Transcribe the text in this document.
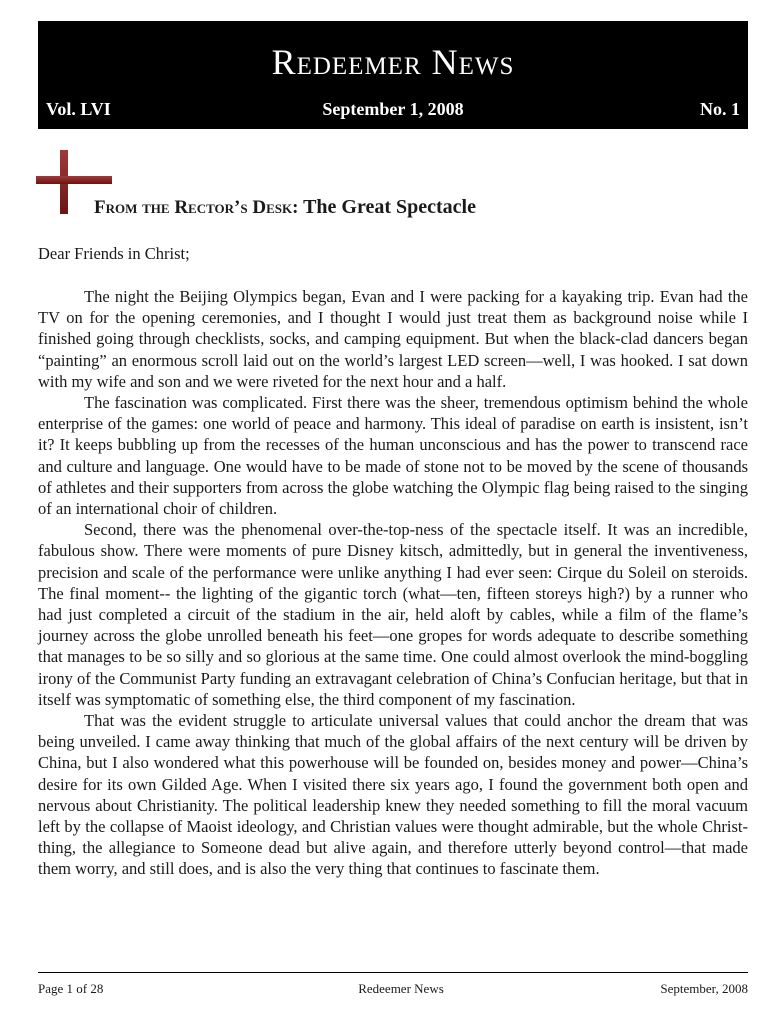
Redeemer News
Vol. LVI	September 1, 2008	No. 1
From the Rector’s Desk: The Great Spectacle
Dear Friends in Christ;

The night the Beijing Olympics began, Evan and I were packing for a kayaking trip. Evan had the TV on for the opening ceremonies, and I thought I would just treat them as background noise while I finished going through checklists, socks, and camping equipment. But when the black-clad dancers began “painting” an enormous scroll laid out on the world’s largest LED screen—well, I was hooked. I sat down with my wife and son and we were riveted for the next hour and a half.

The fascination was complicated. First there was the sheer, tremendous optimism behind the whole enterprise of the games: one world of peace and harmony. This ideal of paradise on earth is insistent, isn’t it? It keeps bubbling up from the recesses of the human unconscious and has the power to transcend race and culture and language. One would have to be made of stone not to be moved by the scene of thousands of athletes and their supporters from across the globe watching the Olympic flag being raised to the singing of an international choir of children.

Second, there was the phenomenal over-the-top-ness of the spectacle itself. It was an incredible, fabulous show. There were moments of pure Disney kitsch, admittedly, but in general the inventiveness, precision and scale of the performance were unlike anything I had ever seen: Cirque du Soleil on steroids. The final moment-- the lighting of the gigantic torch (what—ten, fifteen storeys high?) by a runner who had just completed a circuit of the stadium in the air, held aloft by cables, while a film of the flame’s journey across the globe unrolled beneath his feet—one gropes for words adequate to describe something that manages to be so silly and so glorious at the same time. One could almost overlook the mind-boggling irony of the Communist Party funding an extravagant celebration of China’s Confucian heritage, but that in itself was symptomatic of something else, the third component of my fascination.

That was the evident struggle to articulate universal values that could anchor the dream that was being unveiled. I came away thinking that much of the global affairs of the next century will be driven by China, but I also wondered what this powerhouse will be founded on, besides money and power—China’s desire for its own Gilded Age. When I visited there six years ago, I found the government both open and nervous about Christianity. The political leadership knew they needed something to fill the moral vacuum left by the collapse of Maoist ideology, and Christian values were thought admirable, but the whole Christ-thing, the allegiance to Someone dead but alive again, and therefore utterly beyond control—that made them worry, and still does, and is also the very thing that continues to fascinate them.

Page 1 of 28	Redeemer News	September, 2008
